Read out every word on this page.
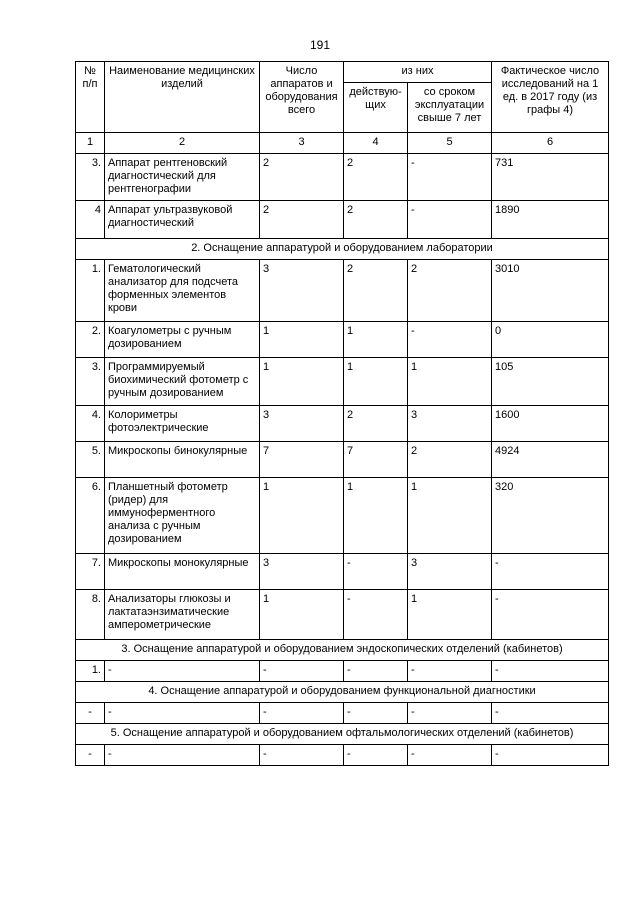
191
№ п/п	Наименование медицинских изделий	Число аппаратов и оборудования всего	из них		Фактическое число исследований на 1 ед. в 2017 году (из графы 4)
			действую-щих	со сроком эксплуатации свыше 7 лет	
1	2	3	4	5	6
3.	Аппарат рентгеновский диагностический для рентгенографии	2	2	-	731
4	Аппарат ультразвуковой диагностический	2	2	-	1890
2. Оснащение аппаратурой и оборудованием лаборатории					
1.	Гематологический анализатор для подсчета форменных элементов крови	3	2	2	3010
2.	Коагулометры с ручным дозированием	1	1	-	0
3.	Программируемый биохимический фотометр с ручным дозированием	1	1	1	105
4.	Колориметры фотоэлектрические	3	2	3	1600
5.	Микроскопы бинокулярные	7	7	2	4924
6.	Планшетный фотометр (ридер) для иммуноферментного анализа с ручным дозированием	1	1	1	320
7.	Микроскопы монокулярные	3	-	3	-
8.	Анализаторы глюкозы и лактатаэнзиматические амперометрические	1	-	1	-
3. Оснащение аппаратурой и оборудованием эндоскопических отделений (кабинетов)					
1.	-	-	-	-	-
4. Оснащение аппаратурой и оборудованием функциональной диагностики					
-	-	-	-	-	-
5. Оснащение аппаратурой и оборудованием офтальмологических отделений (кабинетов)					
-	-	-	-	-	-
